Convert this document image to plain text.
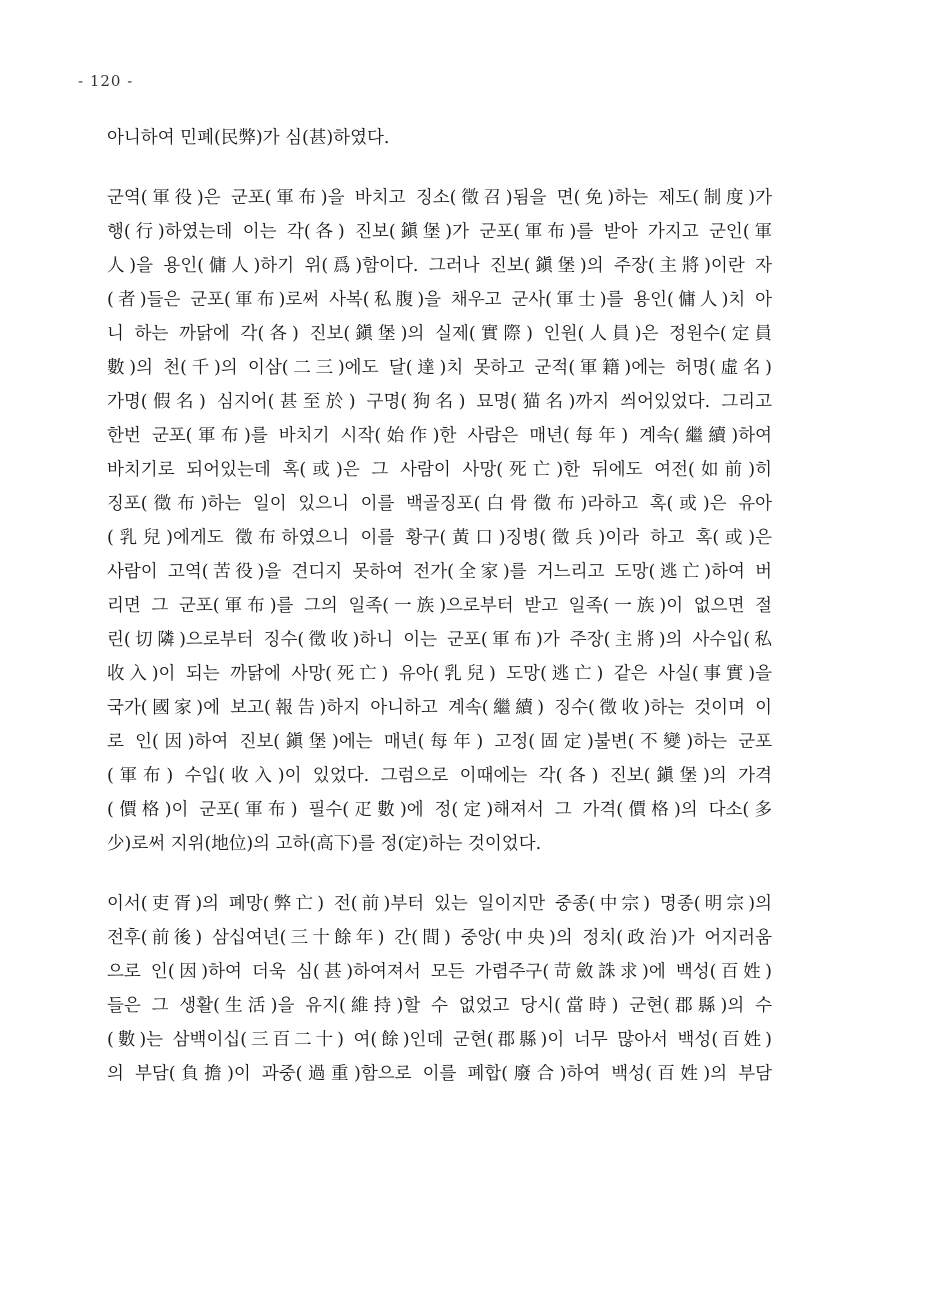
- 120 -
아니하여 민폐(民弊)가 심(甚)하였다.
군역(軍役)은 군포(軍布)을 바치고 징소(徵召)됨을 면(免)하는 제도(制度)가
행(行)하였는데 이는 각(各) 진보(鎭堡)가 군포(軍布)를 받아 가지고 군인(軍
人)을 용인(傭人)하기 위(爲)함이다. 그러나 진보(鎭堡)의 주장(主將)이란 자
(者)들은 군포(軍布)로써 사복(私腹)을 채우고 군사(軍士)를 용인(傭人)치 아
니 하는 까닭에 각(各) 진보(鎭堡)의 실제(實際) 인원(人員)은 정원수(定員
數)의 천(千)의 이삼(二三)에도 달(達)치 못하고 군적(軍籍)에는 허명(虛名)
가명(假名) 심지어(甚至於) 구명(狗名) 묘명(猫名)까지 씌어있었다. 그리고
한번 군포(軍布)를 바치기 시작(始作)한 사람은 매년(每年) 계속(繼續)하여
바치기로 되어있는데 혹(或)은 그 사람이 사망(死亡)한 뒤에도 여전(如前)히
징포(徵布)하는 일이 있으니 이를 백골징포(白骨徵布)라하고 혹(或)은 유아
(乳兒)에게도 徵布하였으니 이를 황구(黃口)징병(徵兵)이라 하고 혹(或)은
사람이 고역(苦役)을 견디지 못하여 전가(全家)를 거느리고 도망(逃亡)하여 버
리면 그 군포(軍布)를 그의 일족(一族)으로부터 받고 일족(一族)이 없으면 절
린(切隣)으로부터 징수(徵收)하니 이는 군포(軍布)가 주장(主將)의 사수입(私
收入)이 되는 까닭에 사망(死亡) 유아(乳兒) 도망(逃亡) 같은 사실(事實)을
국가(國家)에 보고(報告)하지 아니하고 계속(繼續) 징수(徵收)하는 것이며 이
로 인(因)하여 진보(鎭堡)에는 매년(每年) 고정(固定)불변(不變)하는 군포
(軍布) 수입(收入)이 있었다. 그럼으로 이때에는 각(各) 진보(鎭堡)의 가격
(價格)이 군포(軍布) 필수(疋數)에 정(定)해져서 그 가격(價格)의 다소(多
少)로써 지위(地位)의 고하(高下)를 정(定)하는 것이었다.
이서(吏胥)의 폐망(弊亡) 전(前)부터 있는 일이지만 중종(中宗) 명종(明宗)의
전후(前後) 삼십여년(三十餘年) 간(間) 중앙(中央)의 정치(政治)가 어지러움
으로 인(因)하여 더욱 심(甚)하여져서 모든 가렴주구(苛斂誅求)에 백성(百姓)
들은 그 생활(生活)을 유지(維持)할 수 없었고 당시(當時) 군현(郡縣)의 수
(數)는 삼백이십(三百二十) 여(餘)인데 군현(郡縣)이 너무 많아서 백성(百姓)
의 부담(負擔)이 과중(過重)함으로 이를 폐합(廢合)하여 백성(百姓)의 부담
